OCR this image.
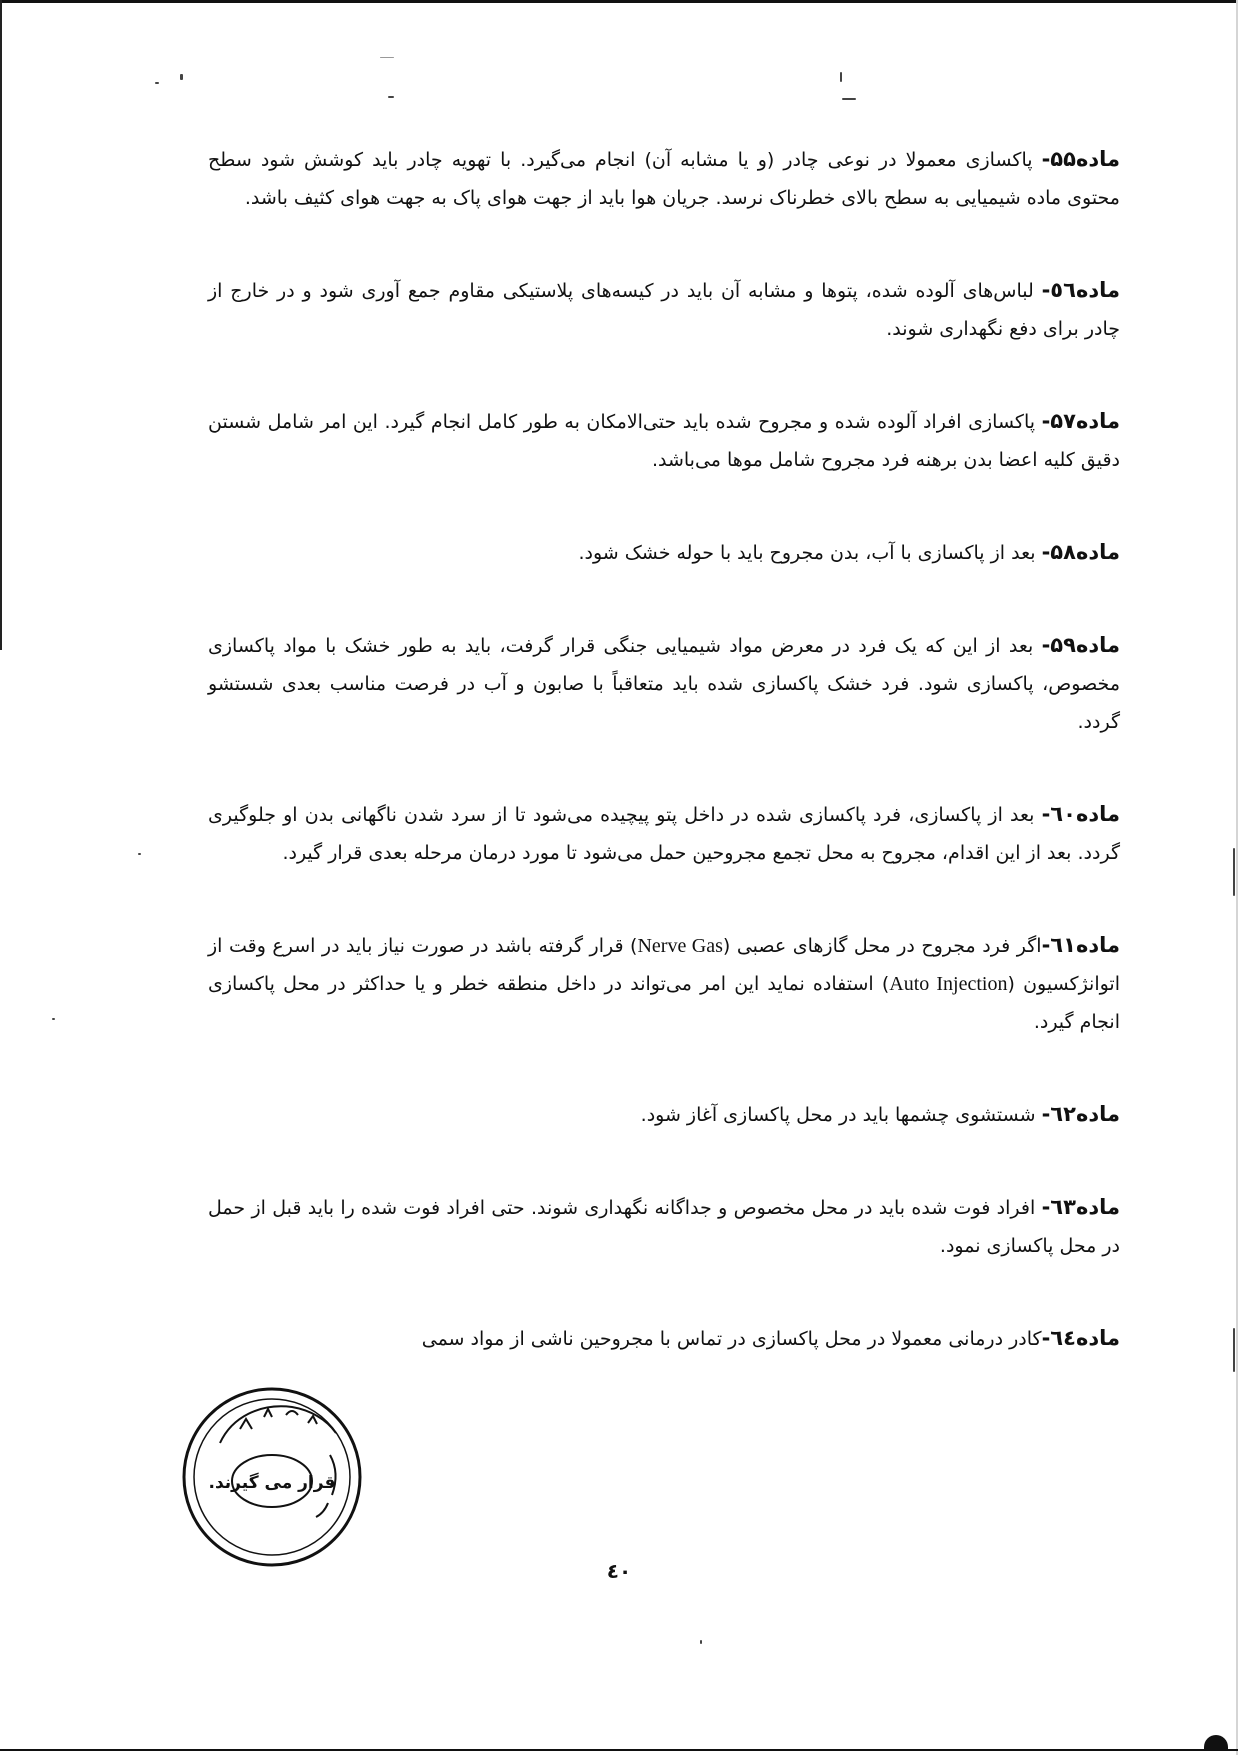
ماده۵۵- پاکسازی معمولا در نوعی چادر (و یا مشابه آن) انجام می‌گیرد. با تهویه چادر باید کوشش شود سطح محتوی ماده شیمیایی به سطح بالای خطرناک نرسد. جریان هوا باید از جهت هوای پاک به جهت هوای کثیف باشد.

ماده٥٦- لباس‌های آلوده شده، پتوها و مشابه آن باید در کیسه‌های پلاستیکی مقاوم جمع آوری شود و در خارج از چادر برای دفع نگهداری شوند.

ماده۵۷- پاکسازی افراد آلوده شده و مجروح شده باید حتی‌الامکان به طور کامل انجام گیرد. این امر شامل شستن دقیق کلیه اعضا بدن برهنه فرد مجروح شامل موها می‌باشد.

ماده۵۸- بعد از پاکسازی با آب، بدن مجروح باید با حوله خشک شود.

ماده۵۹- بعد از این که یک فرد در معرض مواد شیمیایی جنگی قرار گرفت، باید به طور خشک با مواد پاکسازی مخصوص، پاکسازی شود. فرد خشک پاکسازی شده باید متعاقباً با صابون و آب در فرصت مناسب بعدی شستشو گردد.

ماده٦٠- بعد از پاکسازی، فرد پاکسازی شده در داخل پتو پیچیده می‌شود تا از سرد شدن ناگهانی بدن او جلوگیری گردد. بعد از این اقدام، مجروح به محل تجمع مجروحین حمل می‌شود تا مورد درمان مرحله بعدی قرار گیرد.

ماده٦١-اگر فرد مجروح در محل گازهای عصبی (Nerve Gas) قرار گرفته باشد در صورت نیاز باید در اسرع وقت از اتوانژکسیون (Auto Injection) استفاده نماید این امر می‌تواند در داخل منطقه خطر و یا حداکثر در محل پاکسازی انجام گیرد.

ماده٦٢- شستشوی چشمها باید در محل پاکسازی آغاز شود.

ماده٦٣- افراد فوت شده باید در محل مخصوص و جداگانه نگهداری شوند. حتی افراد فوت شده را باید قبل از حمل در محل پاکسازی نمود.

ماده٦٤-کادر درمانی معمولا در محل پاکسازی در تماس با مجروحین ناشی از مواد سمی

قرار می گیرند.
٤٠
